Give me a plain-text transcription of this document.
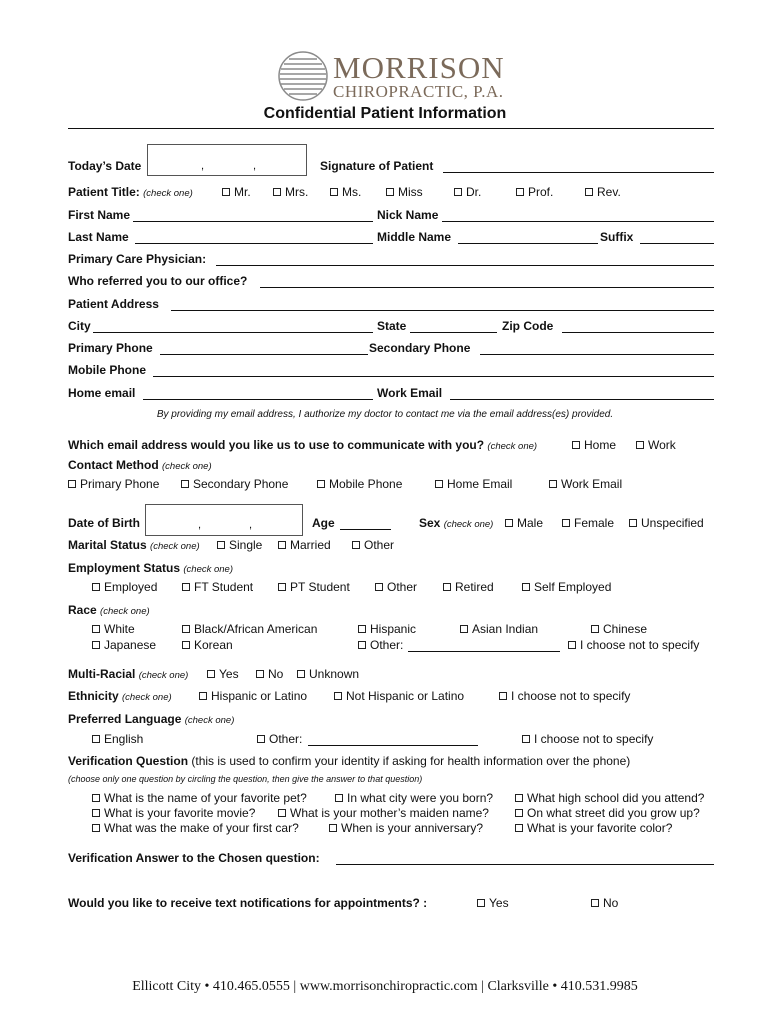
MORRISON
CHIROPRACTIC, P.A.
Confidential Patient Information
Today’s Date	,	,	Signature of Patient
Patient Title: (check one)	Mr.	Mrs.	Ms.	Miss	Dr.	Prof.	Rev.
First Name	Nick Name
Last Name	Middle Name	Suffix
Primary Care Physician:
Who referred you to our office?
Patient Address
City	State	Zip Code
Primary Phone	Secondary Phone
Mobile Phone
Home email	Work Email
By providing my email address, I authorize my doctor to contact me via the email address(es) provided.
Which email address would you like us to use to communicate with you? (check one)	Home	Work
Contact Method (check one)
Primary Phone	Secondary Phone	Mobile Phone	Home Email	Work Email
Date of Birth	,	,	Age	Sex (check one)	Male	Female	Unspecified
Marital Status (check one)	Single	Married	Other
Employment Status (check one)
Employed	FT Student	PT Student	Other	Retired	Self Employed
Race (check one)
White	Black/African American	Hispanic	Asian Indian	Chinese
Japanese	Korean	Other:	I choose not to specify
Multi-Racial (check one)	Yes	No	Unknown
Ethnicity (check one)	Hispanic or Latino	Not Hispanic or Latino	I choose not to specify
Preferred Language (check one)
English	Other:	I choose not to specify
Verification Question (this is used to confirm your identity if asking for health information over the phone)
(choose only one question by circling the question, then give the answer to that question)
What is the name of your favorite pet?	In what city were you born?	What high school did you attend?
What is your favorite movie?	What is your mother’s maiden name?	On what street did you grow up?
What was the make of your first car?	When is your anniversary?	What is your favorite color?
Verification Answer to the Chosen question:
Would you like to receive text notifications for appointments? :	Yes	No
Ellicott City • 410.465.0555 | www.morrisonchiropractic.com | Clarksville • 410.531.9985
